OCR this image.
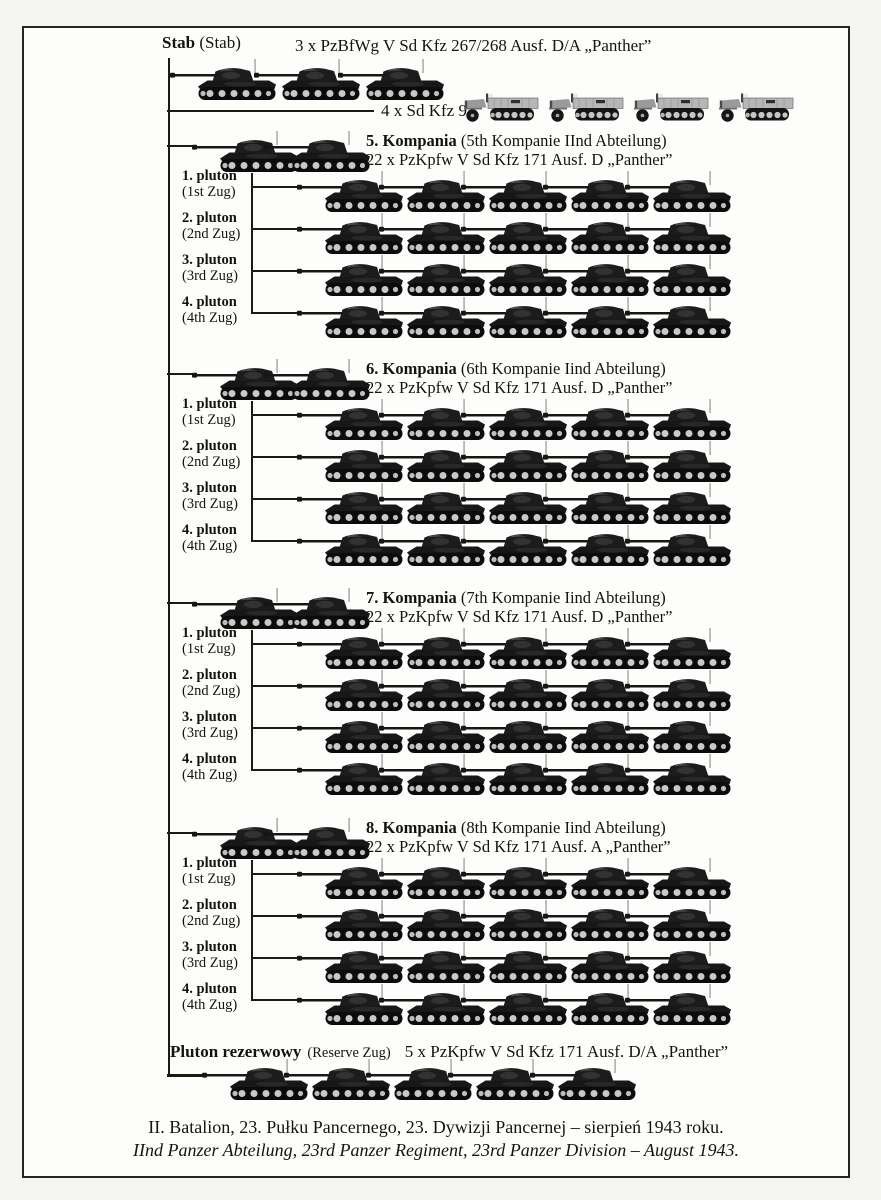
Stab (Stab)	3 x PzBfWg V Sd Kfz 267/268 Ausf. D/A „Panther”
4 x Sd Kfz 9
5. Kompania (5th Kompanie IInd Abteilung)
22 x PzKpfw V Sd Kfz 171 Ausf. D „Panther”
1. pluton
(1st Zug)
2. pluton
(2nd Zug)
3. pluton
(3rd Zug)
4. pluton
(4th Zug)
6. Kompania (6th Kompanie Iind Abteilung)
22 x PzKpfw V Sd Kfz 171 Ausf. D „Panther”
1. pluton
(1st Zug)
2. pluton
(2nd Zug)
3. pluton
(3rd Zug)
4. pluton
(4th Zug)
7. Kompania (7th Kompanie Iind Abteilung)
22 x PzKpfw V Sd Kfz 171 Ausf. D „Panther”
1. pluton
(1st Zug)
2. pluton
(2nd Zug)
3. pluton
(3rd Zug)
4. pluton
(4th Zug)
8. Kompania (8th Kompanie Iind Abteilung)
22 x PzKpfw V Sd Kfz 171 Ausf. A „Panther”
1. pluton
(1st Zug)
2. pluton
(2nd Zug)
3. pluton
(3rd Zug)
4. pluton
(4th Zug)
Pluton rezerwowy (Reserve Zug) 5 x PzKpfw V Sd Kfz 171 Ausf. D/A „Panther”
II. Batalion, 23. Pułku Pancernego, 23. Dywizji Pancernej – sierpień 1943 roku.
IInd Panzer Abteilung, 23rd Panzer Regiment, 23rd Panzer Division – August 1943.
